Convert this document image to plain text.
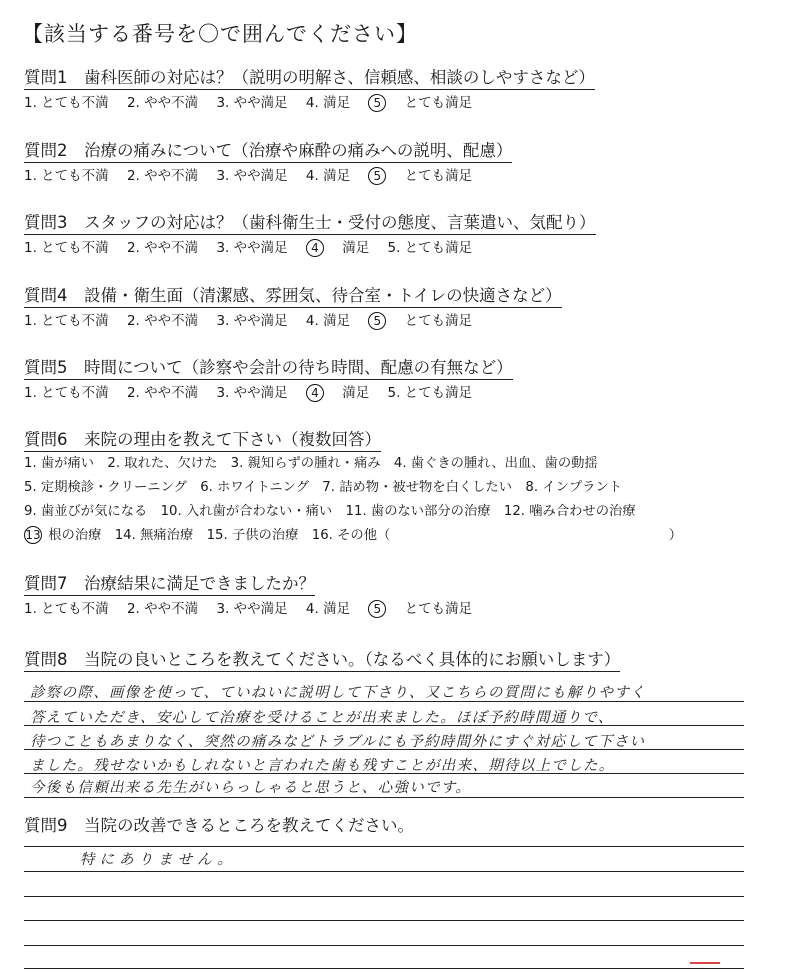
【該当する番号を〇で囲んでください】
質問1　歯科医師の対応は？（説明の明解さ、信頼感、相談のしやすさなど）
1. とても不満 2. やや不満 3. やや満足 4. 満足 5 とても満足
質問2　治療の痛みについて（治療や麻酔の痛みへの説明、配慮）
1. とても不満 2. やや不満 3. やや満足 4. 満足 5 とても満足
質問3　スタッフの対応は？（歯科衛生士・受付の態度、言葉遣い、気配り）
1. とても不満 2. やや不満 3. やや満足 4 満足 5. とても満足
質問4　設備・衛生面（清潔感、雰囲気、待合室・トイレの快適さなど）
1. とても不満 2. やや不満 3. やや満足 4. 満足 5 とても満足
質問5　時間について（診察や会計の待ち時間、配慮の有無など）
1. とても不満 2. やや不満 3. やや満足 4 満足 5. とても満足
質問6　来院の理由を教えて下さい（複数回答）
1. 歯が痛い　2. 取れた、欠けた　3. 親知らずの腫れ・痛み　4. 歯ぐきの腫れ、出血、歯の動揺
5. 定期検診・クリーニング　6. ホワイトニング　7. 詰め物・被せ物を白くしたい　8. インプラント
9. 歯並びが気になる　10. 入れ歯が合わない・痛い　11. 歯のない部分の治療　12. 噛み合わせの治療
13 根の治療　14. 無痛治療　15. 子供の治療　16. その他（	）
質問7　治療結果に満足できましたか？
1. とても不満 2. やや不満 3. やや満足 4. 満足 5 とても満足
質問8　当院の良いところを教えてください。（なるべく具体的にお願いします）
診察の際、画像を使って、ていねいに説明して下さり、又こちらの質問にも解りやすく
答えていただき、安心して治療を受けることが出来ました。ほぼ予約時間通りで、
待つこともあまりなく、突然の痛みなどトラブルにも予約時間外にすぐ対応して下さい
ました。残せないかもしれないと言われた歯も残すことが出来、期待以上でした。
今後も信頼出来る先生がいらっしゃると思うと、心強いです。
質問9　当院の改善できるところを教えてください。
特にありません。
